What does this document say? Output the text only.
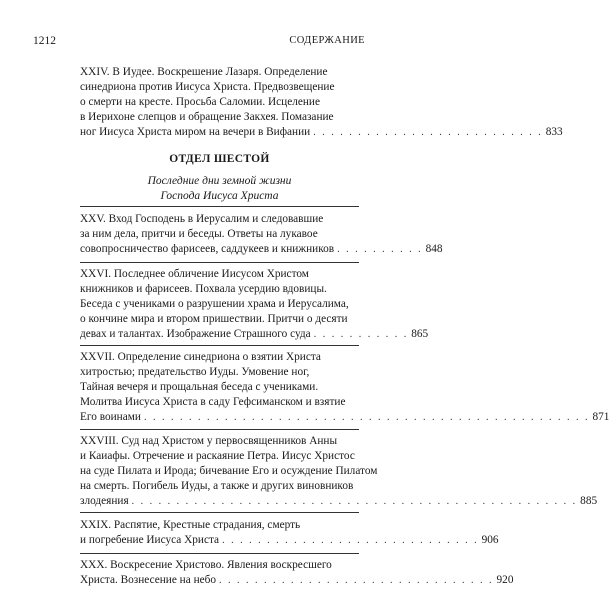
1212	СОДЕРЖАНИЕ
XXIV. В Иудее. Воскрешение Лазаря. Определение
синедриона против Иисуса Христа. Предвозвещение
о смерти на кресте. Просьба Саломии. Исцеление
в Иерихоне слепцов и обращение Закхея. Помазание
ног Иисуса Христа миром на вечери в Вифании . . . . . . . . . . . . . . . . . . . . . . . . . . 833
ОТДЕЛ ШЕСТОЙ
Последние дни земной жизни
Господа Иисуса Христа
XXV. Вход Господень в Иерусалим и следовавшие
за ним дела, притчи и беседы. Ответы на лукавое
совопросничество фарисеев, саддукеев и книжников . . . . . . . . . . 848
XXVI. Последнее обличение Иисусом Христом
книжников и фарисеев. Похвала усердию вдовицы.
Беседа с учениками о разрушении храма и Иерусалима,
о кончине мира и втором пришествии. Притчи о десяти
девах и талантах. Изображение Страшного суда . . . . . . . . . . . 865
XXVII. Определение синедриона о взятии Христа
хитростью; предательство Иуды. Умовение ног,
Тайная вечеря и прощальная беседа с учениками.
Молитва Иисуса Христа в саду Гефсиманском и взятие
Его воинами . . . . . . . . . . . . . . . . . . . . . . . . . . . . . . . . . . . . . . . . . . . . . . . . . . 871
XXVIII. Суд над Христом у первосвященников Анны
и Каиафы. Отречение и раскаяние Петра. Иисус Христос
на суде Пилата и Ирода; бичевание Его и осуждение Пилатом
на смерть. Погибель Иуды, а также и других виновников
злодеяния . . . . . . . . . . . . . . . . . . . . . . . . . . . . . . . . . . . . . . . . . . . . . . . . . . 885
XXIX. Распятие, Крестные страдания, смерть
и погребение Иисуса Христа . . . . . . . . . . . . . . . . . . . . . . . . . . . . . 906
XXX. Воскресение Христово. Явления воскресшего
Христа. Вознесение на небо . . . . . . . . . . . . . . . . . . . . . . . . . . . . . . . 920
